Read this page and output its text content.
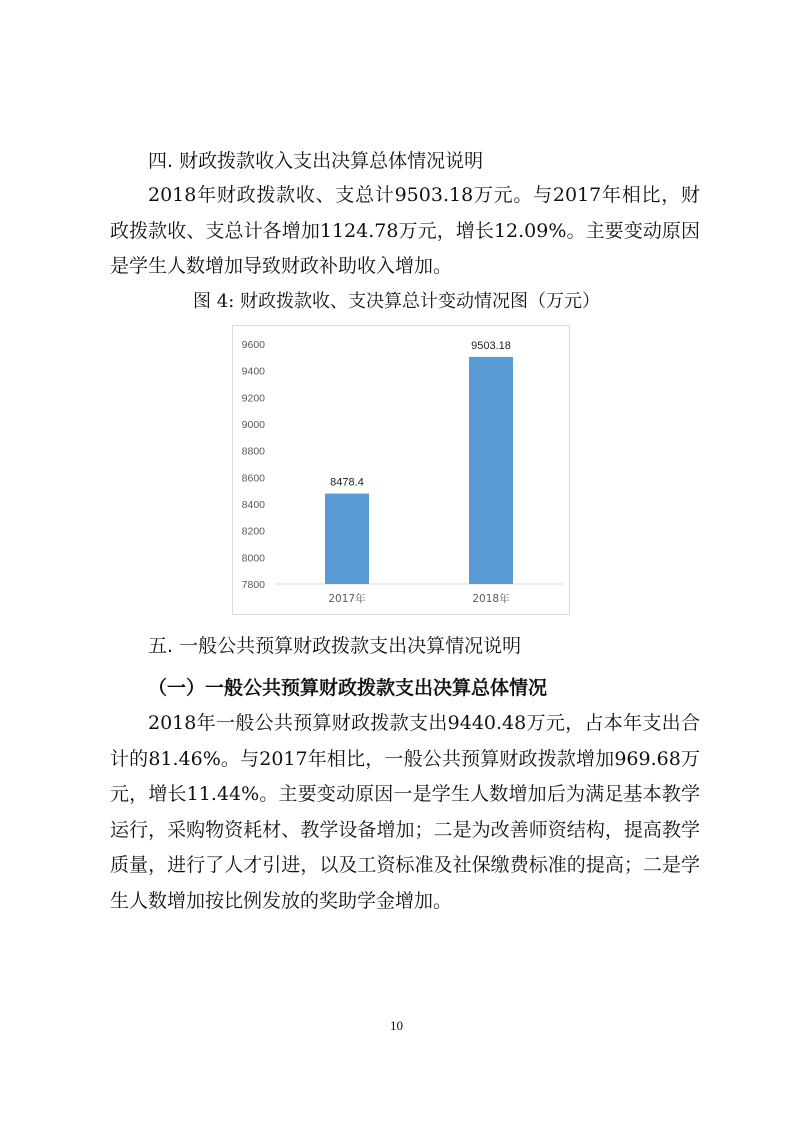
四. 财政拨款收入支出决算总体情况说明

2018年财政拨款收、支总计9503.18万元。与2017年相比，财政拨款收、支总计各增加1124.78万元，增长12.09%。主要变动原因是学生人数增加导致财政补助收入增加。

图 4: 财政拨款收、支决算总计变动情况图（万元）
7800
8000
8200
8400
8600
8800
9000
9200
9400
9600
8478.4
2017年
9503.18
2018年
五. 一般公共预算财政拨款支出决算情况说明
（一）一般公共预算财政拨款支出决算总体情况

2018年一般公共预算财政拨款支出9440.48万元，占本年支出合计的81.46%。与2017年相比，一般公共预算财政拨款增加969.68万元，增长11.44%。主要变动原因一是学生人数增加后为满足基本教学运行，采购物资耗材、教学设备增加；二是为改善师资结构，提高教学质量，进行了人才引进，以及工资标准及社保缴费标准的提高；二是学生人数增加按比例发放的奖助学金增加。

10
